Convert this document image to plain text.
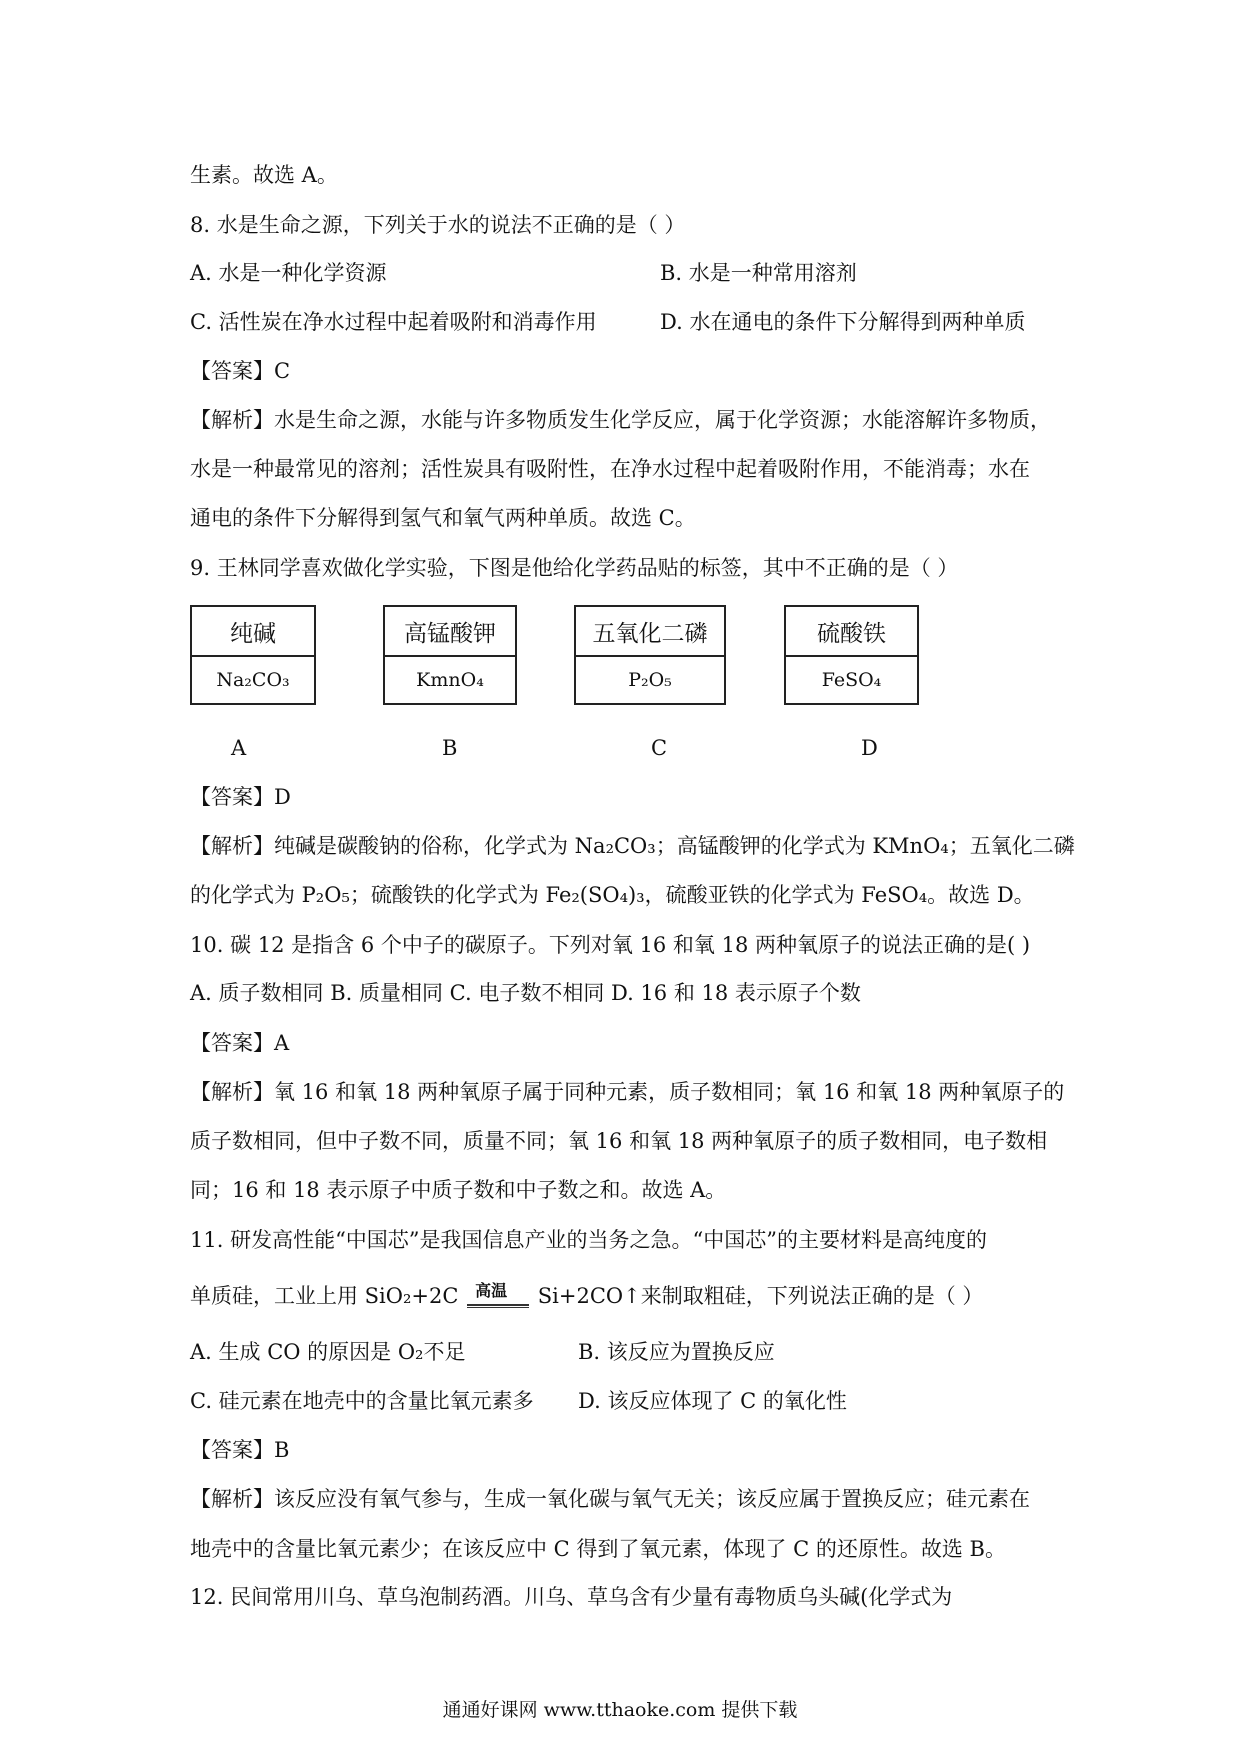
生素。故选 A。
8. 水是生命之源，下列关于水的说法不正确的是（ ）
A. 水是一种化学资源	B. 水是一种常用溶剂
C. 活性炭在净水过程中起着吸附和消毒作用	D. 水在通电的条件下分解得到两种单质
【答案】C
【解析】水是生命之源，水能与许多物质发生化学反应，属于化学资源；水能溶解许多物质，
水是一种最常见的溶剂；活性炭具有吸附性，在净水过程中起着吸附作用，不能消毒；水在
通电的条件下分解得到氢气和氧气两种单质。故选 C。
9. 王林同学喜欢做化学实验，下图是他给化学药品贴的标签，其中不正确的是（ ）
纯碱
Na₂CO₃
高锰酸钾
KmnO₄
五氧化二磷
P₂O₅
硫酸铁
FeSO₄
A	B	C	D
【答案】D
【解析】纯碱是碳酸钠的俗称，化学式为 Na₂CO₃；高锰酸钾的化学式为 KMnO₄；五氧化二磷
的化学式为 P₂O₅；硫酸铁的化学式为 Fe₂(SO₄)₃，硫酸亚铁的化学式为 FeSO₄。故选 D。
10. 碳 12 是指含 6 个中子的碳原子。下列对氧 16 和氧 18 两种氧原子的说法正确的是( )
A. 质子数相同 B. 质量相同 C. 电子数不相同 D. 16 和 18 表示原子个数
【答案】A
【解析】氧 16 和氧 18 两种氧原子属于同种元素，质子数相同；氧 16 和氧 18 两种氧原子的
质子数相同，但中子数不同，质量不同；氧 16 和氧 18 两种氧原子的质子数相同，电子数相
同；16 和 18 表示原子中质子数和中子数之和。故选 A。
11. 研发高性能“中国芯”是我国信息产业的当务之急。“中国芯”的主要材料是高纯度的
单质硅，工业上用 SiO₂+2C 高温 Si+2CO↑来制取粗硅，下列说法正确的是（ ）
A. 生成 CO 的原因是 O₂不足	B. 该反应为置换反应
C. 硅元素在地壳中的含量比氧元素多 D. 该反应体现了 C 的氧化性
【答案】B
【解析】该反应没有氧气参与，生成一氧化碳与氧气无关；该反应属于置换反应；硅元素在
地壳中的含量比氧元素少；在该反应中 C 得到了氧元素，体现了 C 的还原性。故选 B。
12. 民间常用川乌、草乌泡制药酒。川乌、草乌含有少量有毒物质乌头碱(化学式为
通通好课网 www.tthaoke.com 提供下载
